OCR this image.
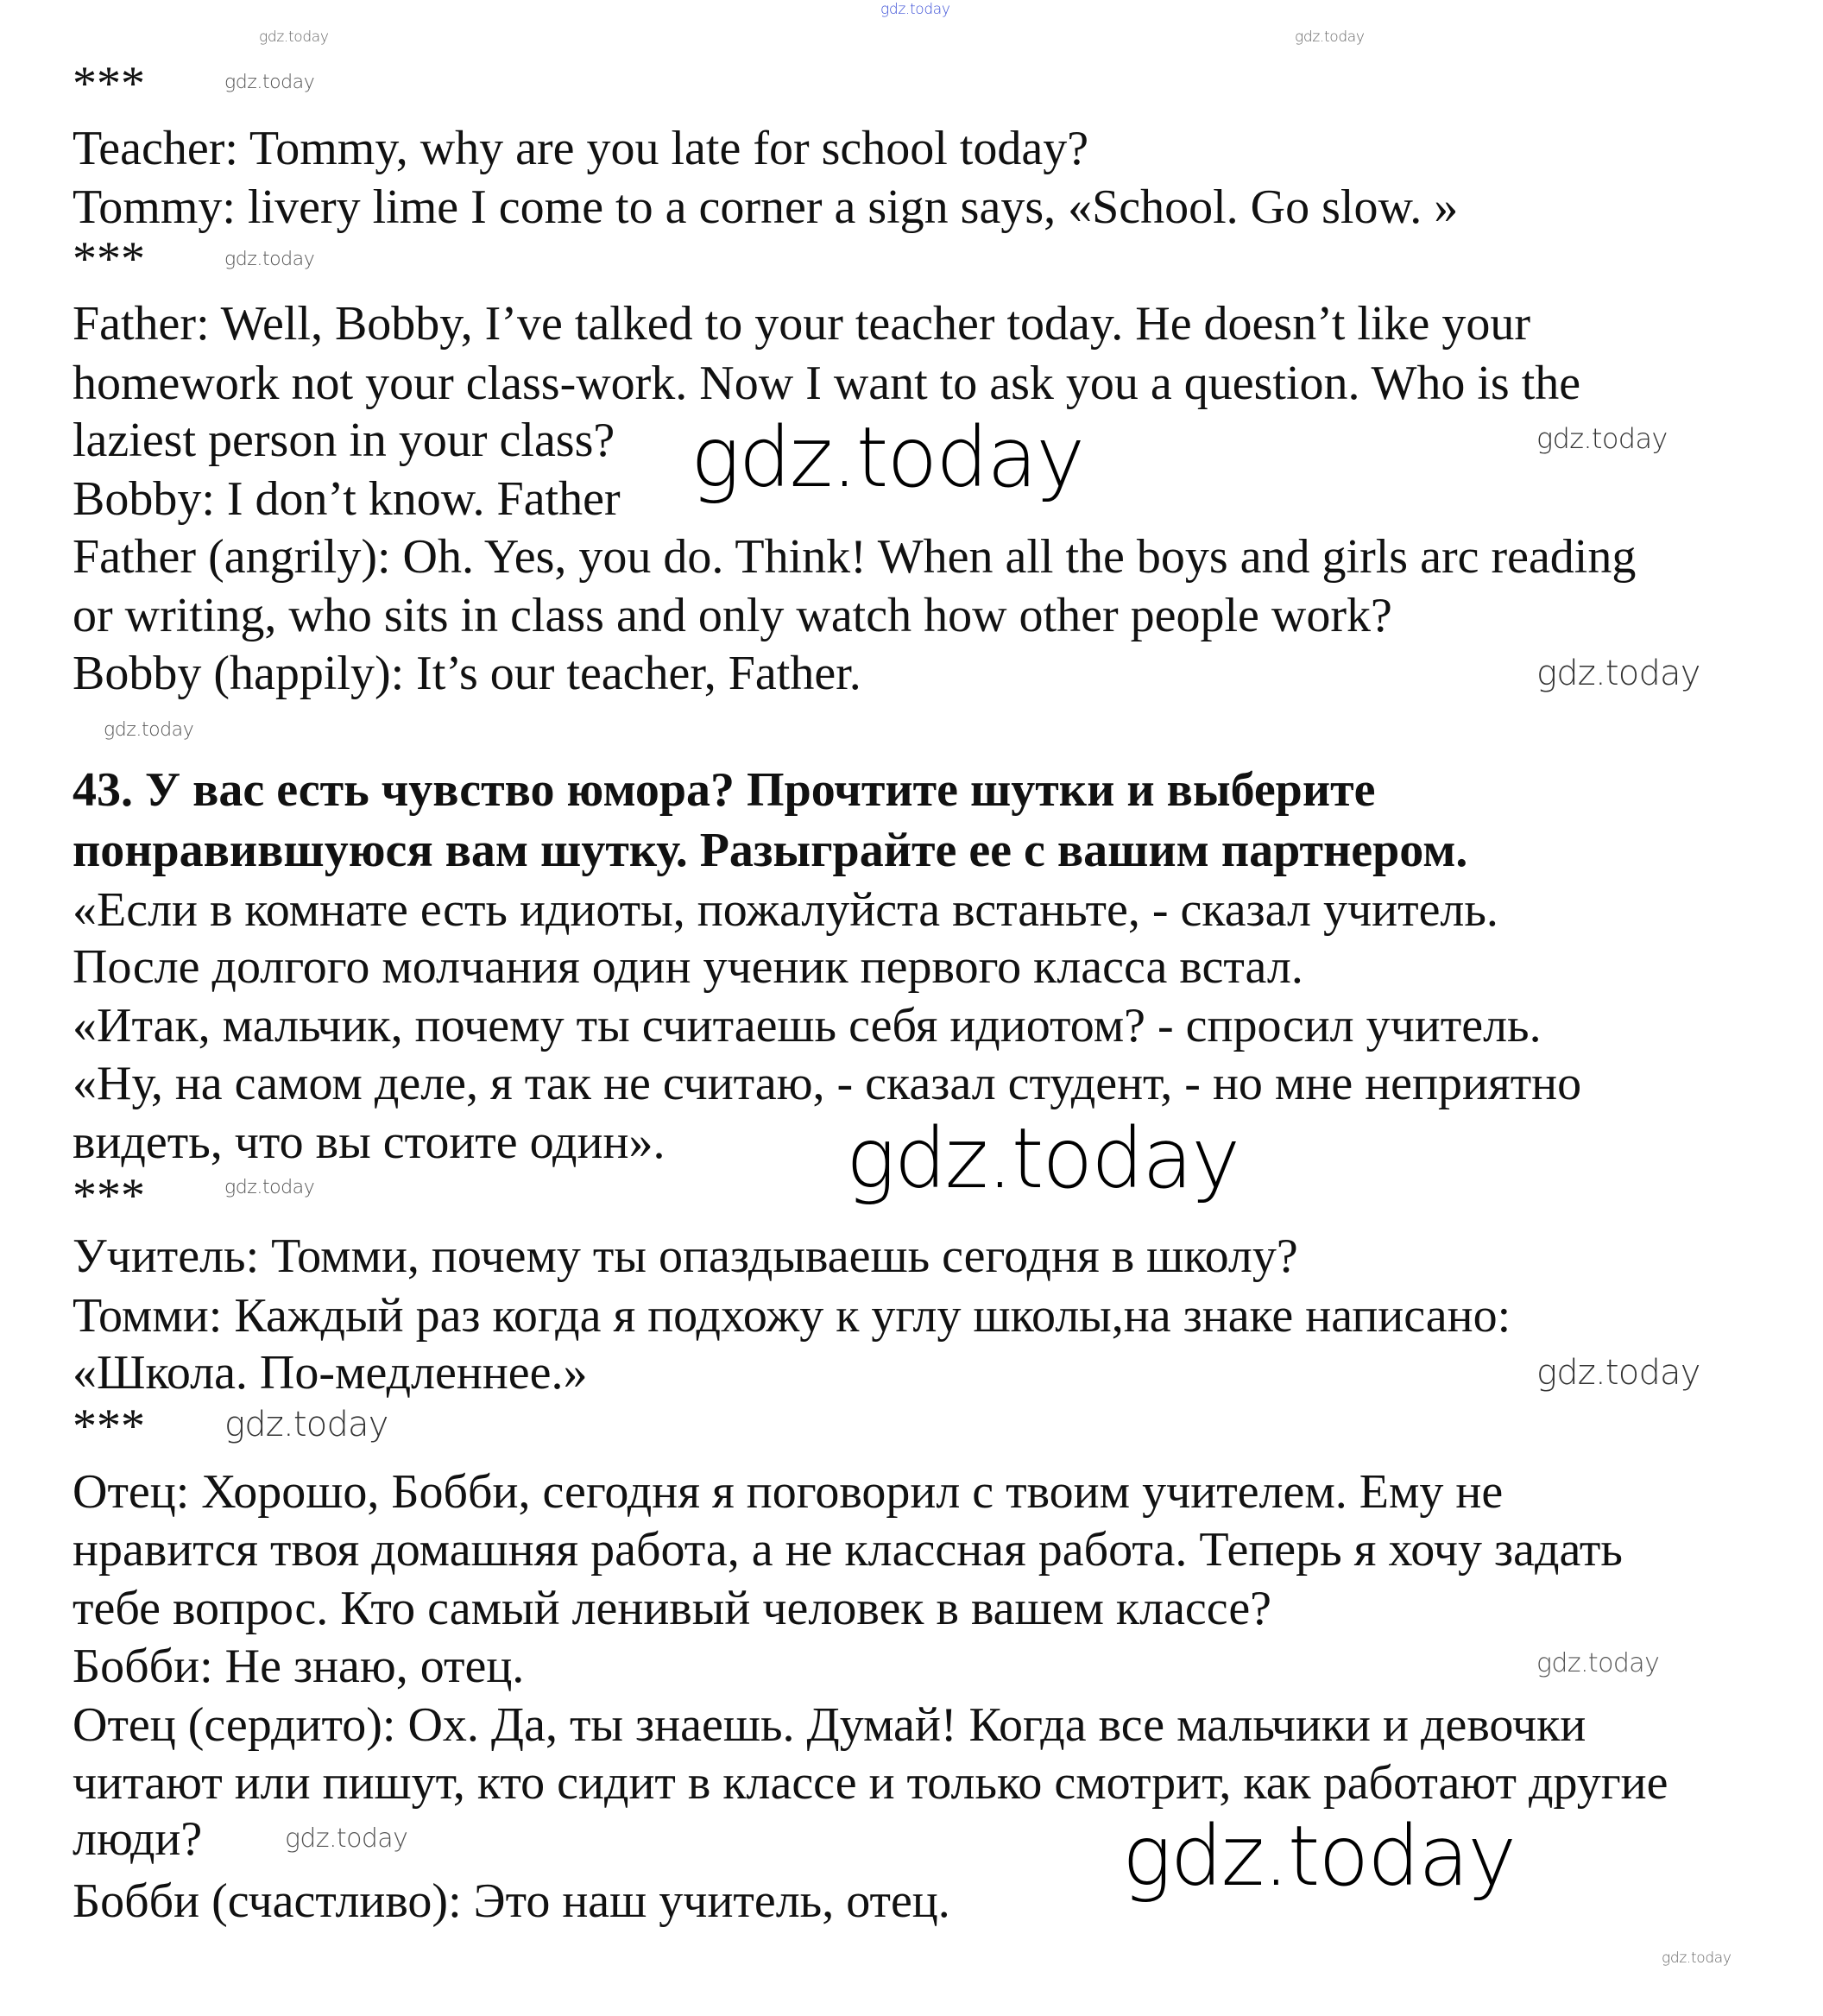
gdz.today
gdz.today
gdz.today
gdz.today
gdz.today
gdz.today	gdz.today
gdz.today
gdz.today
gdz.today
gdz.today
gdz.today
gdz.today
gdz.today
gdz.today	gdz.today
gdz.today
***
Teacher: Tommy, why are you late for school today?
Tommy: livery lime I come to a corner a sign says, «School. Go slow. »
***
Father: Well, Bobby, I’ve talked to your teacher today. He doesn’t like your
homework not your class-work. Now I want to ask you a question. Who is the
laziest person in your class?
Bobby: I don’t know. Father
Father (angrily): Oh. Yes, you do. Think! When all the boys and girls arc reading
or writing, who sits in class and only watch how other people work?
Bobby (happily): It’s our teacher, Father.
43. У вас есть чувство юмора? Прочтите шутки и выберите
понравившуюся вам шутку. Разыграйте ее с вашим партнером.
«Если в комнате есть идиоты, пожалуйста встаньте, - сказал учитель.
После долгого молчания один ученик первого класса встал.
«Итак, мальчик, почему ты считаешь себя идиотом? - спросил учитель.
«Ну, на самом деле, я так не считаю, - сказал студент, - но мне неприятно
видеть, что вы стоите один».
***
Учитель: Томми, почему ты опаздываешь сегодня в школу?
Томми: Каждый раз когда я подхожу к углу школы,на знаке написано:
«Школа. По-медленнее.»
***
Отец: Хорошо, Бобби, сегодня я поговорил с твоим учителем. Ему не
нравится твоя домашняя работа, а не классная работа. Теперь я хочу задать
тебе вопрос. Кто самый ленивый человек в вашем классе?
Бобби: Не знаю, отец.
Отец (сердито): Ох. Да, ты знаешь. Думай! Когда все мальчики и девочки
читают или пишут, кто сидит в классе и только смотрит, как работают другие
люди?
Бобби (счастливо): Это наш учитель, отец.
